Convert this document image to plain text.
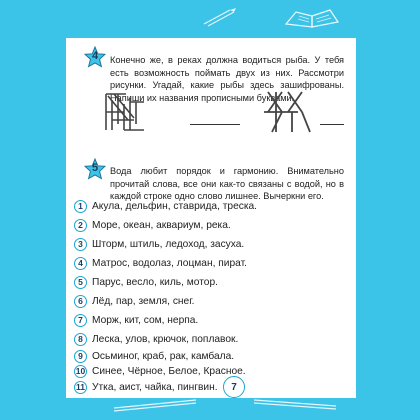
4	Конечно же, в реках должна водиться рыба. У тебя есть возможность поймать двух из них. Рассмотри рисунки. Угадай, какие рыбы здесь зашифрованы. Напиши их названия прописными буквами.
5	Вода любит порядок и гармонию. Внимательно прочитай слова, все они как-то связаны с водой, но в каждой строке одно слово лишнее. Вычеркни его.
1 Акула, дельфин, ставрида, треска.
2 Море, океан, аквариум, река.
3 Шторм, штиль, ледоход, засуха.
4 Матрос, водолаз, лоцман, пират.
5 Парус, весло, киль, мотор.
6 Лёд, пар, земля, снег.
7 Морж, кит, сом, нерпа.
8 Леска, улов, крючок, поплавок.
9 Осьминог, краб, рак, камбала.
10 Синее, Чёрное, Белое, Красное.
11 Утка, аист, чайка, пингвин.	7
